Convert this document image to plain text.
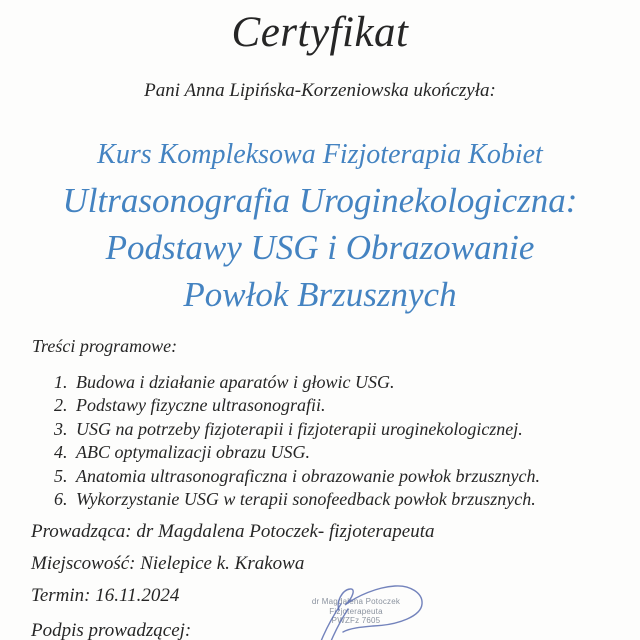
Certyfikat

Pani Anna Lipińska-Korzeniowska ukończyła:

Kurs Kompleksowa Fizjoterapia Kobiet
Ultrasonografia Uroginekologiczna:
Podstawy USG i Obrazowanie
Powłok Brzusznych

Treści programowe:

1. Budowa i działanie aparatów i głowic USG.
2. Podstawy fizyczne ultrasonografii.
3. USG na potrzeby fizjoterapii i fizjoterapii uroginekologicznej.
4. ABC optymalizacji obrazu USG.
5. Anatomia ultrasonograficzna i obrazowanie powłok brzusznych.
6. Wykorzystanie USG w terapii sonofeedback powłok brzusznych.

Prowadząca: dr Magdalena Potoczek- fizjoterapeuta

Miejscowość: Nielepice k. Krakowa

Termin: 16.11.2024

Podpis prowadzącej:

dr Magdalena Potoczek
Fizjoterapeuta
PWZFz 7605
